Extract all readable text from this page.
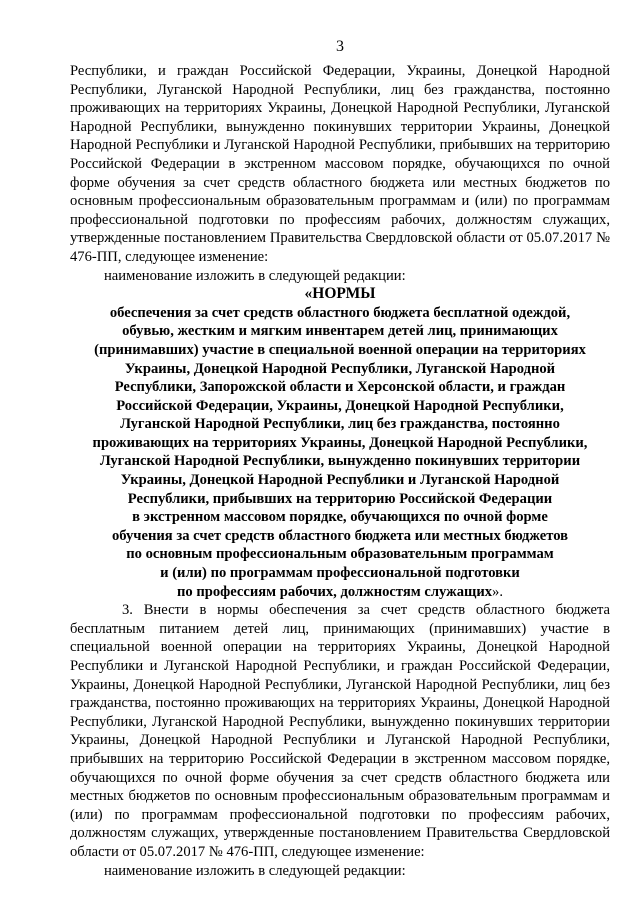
3

Республики, и граждан Российской Федерации, Украины, Донецкой Народной Республики, Луганской Народной Республики, лиц без гражданства, постоянно проживающих на территориях Украины, Донецкой Народной Республики, Луганской Народной Республики, вынужденно покинувших территории Украины, Донецкой Народной Республики и Луганской Народной Республики, прибывших на территорию Российской Федерации в экстренном массовом порядке, обучающихся по очной форме обучения за счет средств областного бюджета или местных бюджетов по основным профессиональным образовательным программам и (или) по программам профессиональной подготовки по профессиям рабочих, должностям служащих, утвержденные постановлением Правительства Свердловской области от 05.07.2017 № 476-ПП, следующее изменение:

наименование изложить в следующей редакции:

«НОРМЫ
обеспечения за счет средств областного бюджета бесплатной одеждой,
обувью, жестким и мягким инвентарем детей лиц, принимающих
(принимавших) участие в специальной военной операции на территориях
Украины, Донецкой Народной Республики, Луганской Народной
Республики, Запорожской области и Херсонской области, и граждан
Российской Федерации, Украины, Донецкой Народной Республики,
Луганской Народной Республики, лиц без гражданства, постоянно
проживающих на территориях Украины, Донецкой Народной Республики,
Луганской Народной Республики, вынужденно покинувших территории
Украины, Донецкой Народной Республики и Луганской Народной
Республики, прибывших на территорию Российской Федерации
в экстренном массовом порядке, обучающихся по очной форме
обучения за счет средств областного бюджета или местных бюджетов
по основным профессиональным образовательным программам
и (или) по программам профессиональной подготовки
по профессиям рабочих, должностям служащих».

3. Внести в нормы обеспечения за счет средств областного бюджета бесплатным питанием детей лиц, принимающих (принимавших) участие в специальной военной операции на территориях Украины, Донецкой Народной Республики и Луганской Народной Республики, и граждан Российской Федерации, Украины, Донецкой Народной Республики, Луганской Народной Республики, лиц без гражданства, постоянно проживающих на территориях Украины, Донецкой Народной Республики, Луганской Народной Республики, вынужденно покинувших территории Украины, Донецкой Народной Республики и Луганской Народной Республики, прибывших на территорию Российской Федерации в экстренном массовом порядке, обучающихся по очной форме обучения за счет средств областного бюджета или местных бюджетов по основным профессиональным образовательным программам и (или) по программам профессиональной подготовки по профессиям рабочих, должностям служащих, утвержденные постановлением Правительства Свердловской области от 05.07.2017 № 476-ПП, следующее изменение:

наименование изложить в следующей редакции:
